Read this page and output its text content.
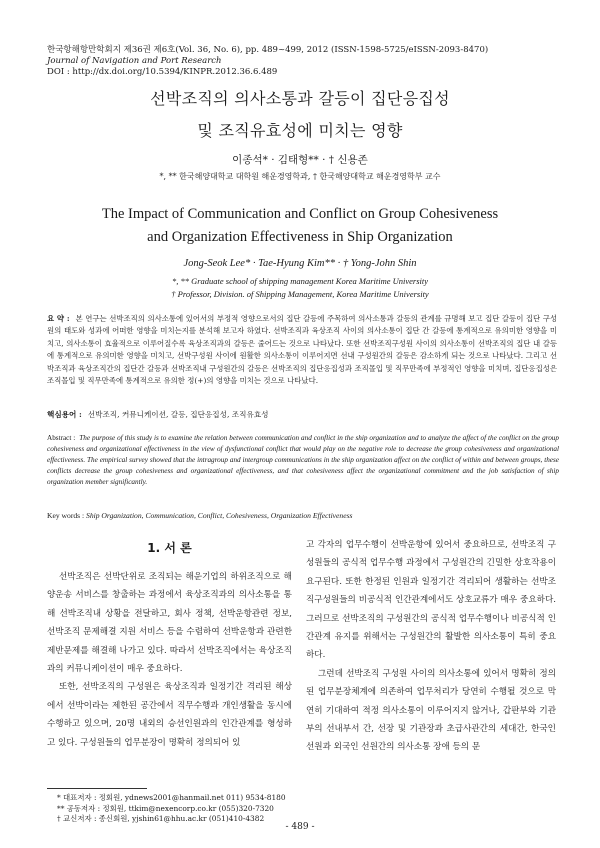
한국항해항만학회지 제36권 제6호(Vol. 36, No. 6), pp. 489~499, 2012 (ISSN-1598-5725/eISSN-2093-8470)
Journal of Navigation and Port Research
DOI : http://dx.doi.org/10.5394/KINPR.2012.36.6.489
선박조직의 의사소통과 갈등이 집단응집성
및 조직유효성에 미치는 영향
이종석* · 김태형** · † 신용존
*, ** 한국해양대학교 대학원 해운경영학과, † 한국해양대학교 해운경영학부 교수
The Impact of Communication and Conflict on Group Cohesiveness
and Organization Effectiveness in Ship Organization
Jong-Seok Lee* · Tae-Hyung Kim** · † Yong-John Shin
*, ** Graduate school of shipping management Korea Maritime University
† Professor, Division. of Shipping Management, Korea Maritime University
요 약 : 본 연구는 선박조직의 의사소통에 있어서의 부정적 영향으로서의 집단 갈등에 주목하여 의사소통과 갈등의 관계를 규명해 보고 집단 갈등이 집단 구성원의 태도와 성과에 어떠한 영향을 미치는지를 분석해 보고자 하였다. 선박조직과 육상조직 사이의 의사소통이 집단 간 갈등에 통계적으로 유의미한 영향을 미치고, 의사소통이 효율적으로 이루어질수록 육상조직과의 갈등은 줄어드는 것으로 나타났다. 또한 선박조직구성원 사이의 의사소통이 선박조직의 집단 내 갈등에 통계적으로 유의미한 영향을 미치고, 선박구성원 사이에 원활한 의사소통이 이루어지면 선내 구성원간의 갈등은 감소하게 되는 것으로 나타났다. 그리고 선박조직과 육상조직간의 집단간 갈등과 선박조직내 구성원간의 갈등은 선박조직의 집단응집성과 조직몰입 및 직무만족에 부정적인 영향을 미치며, 집단응집성은 조직몰입 및 직무만족에 통계적으로 유의한 정(+)의 영향을 미치는 것으로 나타났다.
핵심용어 : 선박조직, 커뮤니케이션, 갈등, 집단응집성, 조직유효성
Abstract : The purpose of this study is to examine the relation between communication and conflict in the ship organization and to analyze the affect of the conflict on the group cohesiveness and organizational effectiveness in the view of dysfunctional conflict that would play on the negative role to decrease the group cohesiveness and organizational effectiveness. The empirical survey showed that the intragroup and intergroup communications in the ship organization affect on the conflict of within and between groups, these conflicts decrease the group cohesiveness and organizational effectiveness, and that cohesiveness affect the organizational commitment and the job satisfaction of ship organization member significantly.
Key words : Ship Organization, Communication, Conflict, Cohesiveness, Organization Effectiveness
1. 서 론

선박조직은 선박단위로 조직되는 해운기업의 하위조직으로 해양운송 서비스를 창출하는 과정에서 육상조직과의 의사소통을 통해 선박조직내 상황을 전달하고, 회사 정책, 선박운항관련 정보, 선박조직 문제해결 지원 서비스 등을 수렴하여 선박운항과 관련한 제반문제를 해결해 나가고 있다. 따라서 선박조직에서는 육상조직과의 커뮤니케이션이 매우 중요하다.

또한, 선박조직의 구성원은 육상조직과 일정기간 격리된 해상에서 선박이라는 제한된 공간에서 직무수행과 개인생활을 동시에 수행하고 있으며, 20명 내외의 승선인원과의 인간관계를 형성하고 있다. 구성원들의 업무분장이 명확히 정의되어 있

고 각자의 업무수행이 선박운항에 있어서 중요하므로, 선박조직 구성원들의 공식적 업무수행 과정에서 구성원간의 긴밀한 상호작용이 요구된다. 또한 한정된 인원과 일정기간 격리되어 생활하는 선박조직구성원들의 비공식적 인간관계에서도 상호교류가 매우 중요하다. 그러므로 선박조직의 구성원간의 공식적 업무수행이나 비공식적 인간관계 유지를 위해서는 구성원간의 활발한 의사소통이 특히 중요하다.

그런데 선박조직 구성원 사이의 의사소통에 있어서 명확히 정의된 업무분장체계에 의존하여 업무처리가 당연히 수행될 것으로 막연히 기대하여 적정 의사소통이 이루어지지 않거나, 갑판부와 기관부의 선내부서 간, 선장 및 기관장과 초급사관간의 세대간, 한국인 선원과 외국인 선원간의 의사소통 장애 등의 문

* 대표저자 : 정회원, ydnews2001@hanmail.net 011) 9534-8180
** 공동저자 : 정회원, ttkim@nexencorp.co.kr (055)320-7320
† 교신저자 : 종신회원, yjshin61@hhu.ac.kr (051)410-4382
- 489 -
